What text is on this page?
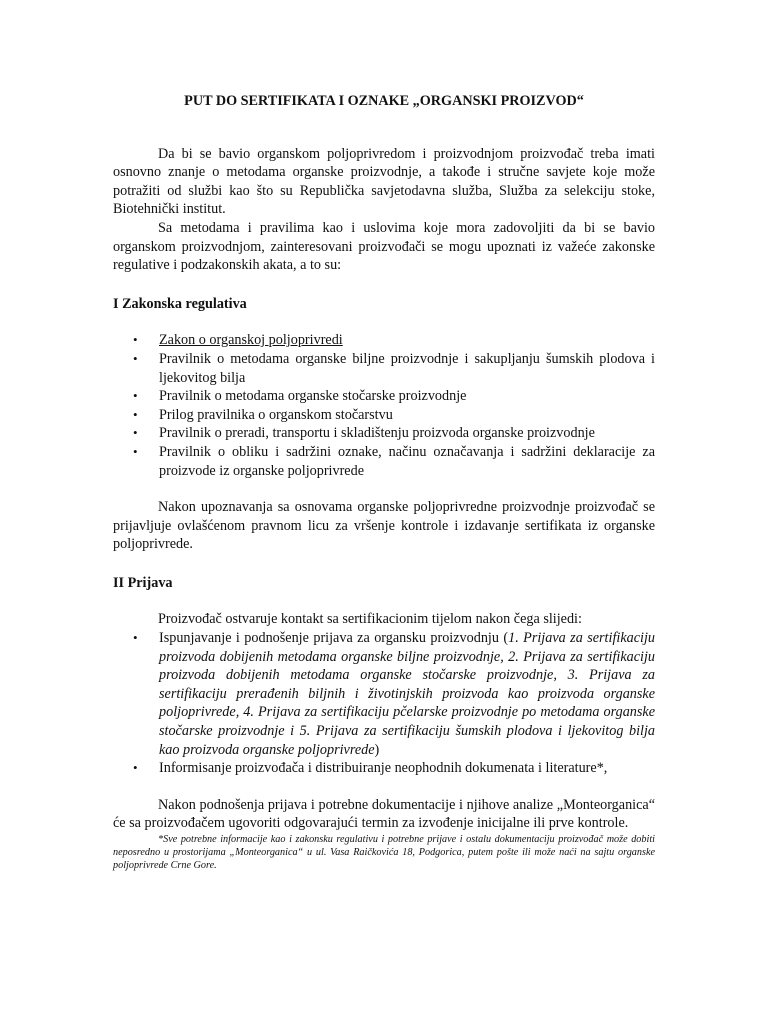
PUT DO SERTIFIKATA I OZNAKE „ORGANSKI PROIZVOD“

Da bi se bavio organskom poljoprivredom i proizvodnjom proizvođač treba imati osnovno znanje o metodama organske proizvodnje, a takođe i stručne savjete koje može potražiti od službi kao što su Republička savjetodavna služba, Služba za selekciju stoke, Biotehnički institut.

Sa metodama i pravilima kao i uslovima koje mora zadovoljiti da bi se bavio organskom proizvodnjom, zainteresovani proizvođači se mogu upoznati iz važeće zakonske regulative i podzakonskih akata, a to su:

I Zakonska regulativa
• Zakon o organskoj poljoprivredi
• Pravilnik o metodama organske biljne proizvodnje i sakupljanju šumskih plodova i ljekovitog bilja
• Pravilnik o metodama organske stočarske proizvodnje
• Prilog pravilnika o organskom stočarstvu
• Pravilnik o preradi, transportu i skladištenju proizvoda organske proizvodnje
• Pravilnik o obliku i sadržini oznake, načinu označavanja i sadržini deklaracije za proizvode iz organske poljoprivrede

Nakon upoznavanja sa osnovama organske poljoprivredne proizvodnje proizvođač se prijavljuje ovlašćenom pravnom licu za vršenje kontrole i izdavanje sertifikata iz organske poljoprivrede.

II Prijava

Proizvođač ostvaruje kontakt sa sertifikacionim tijelom nakon čega slijedi:

• Ispunjavanje i podnošenje prijava za organsku proizvodnju (1. Prijava za sertifikaciju proizvoda dobijenih metodama organske biljne proizvodnje, 2. Prijava za sertifikaciju proizvoda dobijenih metodama organske stočarske proizvodnje, 3. Prijava za sertifikaciju prerađenih biljnih i životinjskih proizvoda kao proizvoda organske poljoprivrede, 4. Prijava za sertifikaciju pčelarske proizvodnje po metodama organske stočarske proizvodnje i 5. Prijava za sertifikaciju šumskih plodova i ljekovitog bilja kao proizvoda organske poljoprivrede)
• Informisanje proizvođača i distribuiranje neophodnih dokumenata i literature*,

Nakon podnošenja prijava i potrebne dokumentacije i njihove analize „Monteorganica“ će sa proizvođačem ugovoriti odgovarajući termin za izvođenje inicijalne ili prve kontrole.

*Sve potrebne informacije kao i zakonsku regulativu i potrebne prijave i ostalu dokumentaciju proizvođač može dobiti neposredno u prostorijama „Monteorganica“ u ul. Vasa Raičkovića 18, Podgorica, putem pošte ili može naći na sajtu organske poljoprivrede Crne Gore.
